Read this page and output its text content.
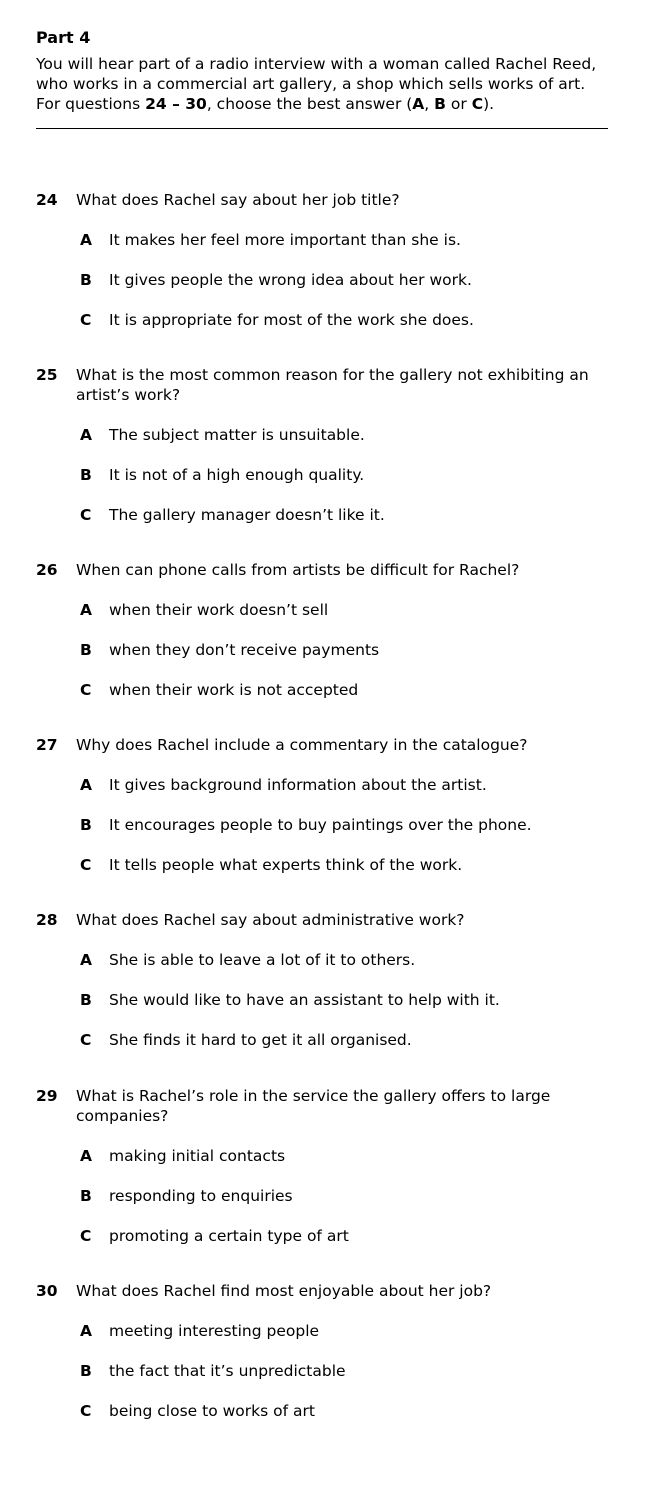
Part 4

You will hear part of a radio interview with a woman called Rachel Reed, who works in a commercial art gallery, a shop which sells works of art. For questions 24 – 30, choose the best answer (A, B or C).

24 What does Rachel say about her job title?
A It makes her feel more important than she is.
B It gives people the wrong idea about her work.
C It is appropriate for most of the work she does.
25 What is the most common reason for the gallery not exhibiting an artist’s work?
A The subject matter is unsuitable.
B It is not of a high enough quality.
C The gallery manager doesn’t like it.
26 When can phone calls from artists be difficult for Rachel?
A when their work doesn’t sell
B when they don’t receive payments
C when their work is not accepted
27 Why does Rachel include a commentary in the catalogue?
A It gives background information about the artist.
B It encourages people to buy paintings over the phone.
C It tells people what experts think of the work.
28 What does Rachel say about administrative work?
A She is able to leave a lot of it to others.
B She would like to have an assistant to help with it.
C She finds it hard to get it all organised.
29 What is Rachel’s role in the service the gallery offers to large companies?
A making initial contacts
B responding to enquiries
C promoting a certain type of art
30 What does Rachel find most enjoyable about her job?
A meeting interesting people
B the fact that it’s unpredictable
C being close to works of art
